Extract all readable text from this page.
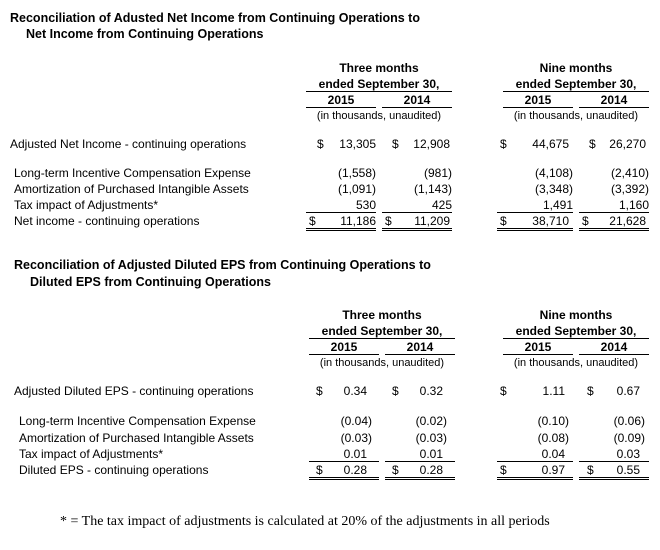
Reconciliation of Adusted Net Income from Continuing Operations to
Net Income from Continuing Operations
Three months
ended September 30,
Nine months
ended September 30,
2015	2014	2015	2014
(in thousands, unaudited)	(in thousands, unaudited)
Adjusted Net Income - continuing operations	$	13,305 $	12,908	$	44,675 $	26,270
Long-term Incentive Compensation Expense	(1,558)	(981)	(4,108)	(2,410)
Amortization of Purchased Intangible Assets	(1,091)	(1,143)	(3,348)	(3,392)
Tax impact of Adjustments*	530	425	1,491	1,160
Net income - continuing operations	$	11,186 $	11,209	$	38,710 $	21,628
Reconciliation of Adjusted Diluted EPS from Continuing Operations to
Diluted EPS from Continuing Operations
Three months
ended September 30,
Nine months
ended September 30,
2015	2014	2015	2014
(in thousands, unaudited)	(in thousands, unaudited)
Adjusted Diluted EPS - continuing operations	$	0.34 $	0.32	$	1.11 $	0.67
Long-term Incentive Compensation Expense	(0.04)	(0.02)	(0.10)	(0.06)
Amortization of Purchased Intangible Assets	(0.03)	(0.03)	(0.08)	(0.09)
Tax impact of Adjustments*	0.01	0.01	0.04	0.03
Diluted EPS - continuing operations	$	0.28 $	0.28	$	0.97 $	0.55
* = The tax impact of adjustments is calculated at 20% of the adjustments in all periods
